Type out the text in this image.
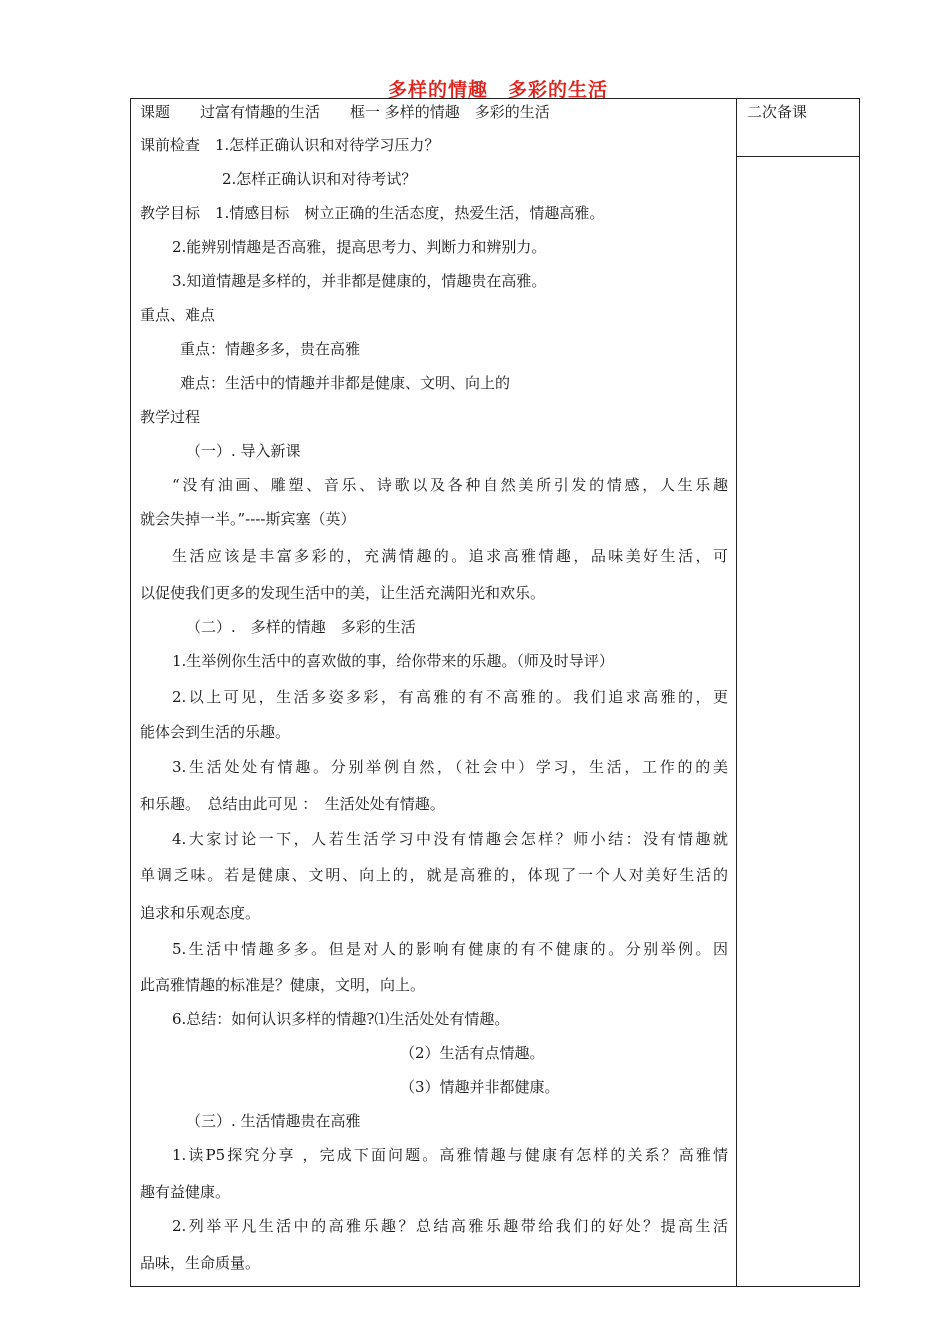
多样的情趣　多彩的生活
二次备课
课题　　过富有情趣的生活　　框一 多样的情趣　多彩的生活
课前检查　1.怎样正确认识和对待学习压力？
2.怎样正确认识和对待考试？
教学目标　1.情感目标　树立正确的生活态度，热爱生活，情趣高雅。
2.能辨别情趣是否高雅，提高思考力、判断力和辨别力。
3.知道情趣是多样的，并非都是健康的，情趣贵在高雅。
重点、难点
重点：情趣多多，贵在高雅
难点：生活中的情趣并非都是健康、文明、向上的
教学过程
（一）. 导入新课
“没有油画、雕塑、音乐、诗歌以及各种自然美所引发的情感，人生乐趣
就会失掉一半。”----斯宾塞（英）
生活应该是丰富多彩的，充满情趣的。追求高雅情趣，品味美好生活，可
以促使我们更多的发现生活中的美，让生活充满阳光和欢乐。
（二）.　多样的情趣　多彩的生活
1.生举例你生活中的喜欢做的事，给你带来的乐趣。（师及时导评）
2.以上可见，生活多姿多彩，有高雅的有不高雅的。我们追求高雅的，更
能体会到生活的乐趣。
3.生活处处有情趣。分别举例自然，（社会中）学习，生活，工作的的美
和乐趣。　总结由此可见 ：　生活处处有情趣。
4.大家讨论一下，人若生活学习中没有情趣会怎样？师小结：没有情趣就
单调乏味。若是健康、文明、向上的，就是高雅的，体现了一个人对美好生活的
追求和乐观态度。
5.生活中情趣多多。但是对人的影响有健康的有不健康的。分别举例。因
此高雅情趣的标准是？健康，文明，向上。
6.总结：如何认识多样的情趣?⑴生活处处有情趣。
（2）生活有点情趣。
（3）情趣并非都健康。
（三）. 生活情趣贵在高雅
1.读P5探究分享 ，完成下面问题。高雅情趣与健康有怎样的关系？高雅情
趣有益健康。
2.列举平凡生活中的高雅乐趣？总结高雅乐趣带给我们的好处？提高生活
品味，生命质量。
